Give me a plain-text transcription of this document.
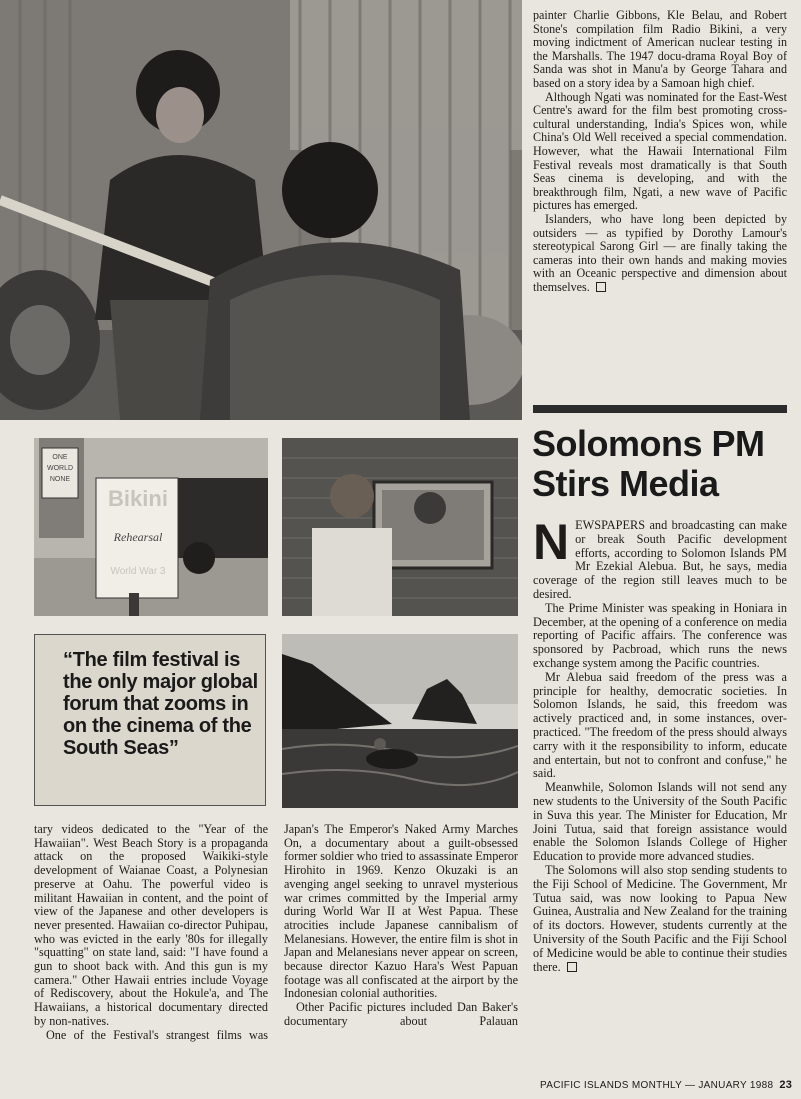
painter Charlie Gibbons, Kle Belau, and Robert Stone's compilation film Radio Bikini, a very moving indictment of American nuclear testing in the Marshalls. The 1947 docu-drama Royal Boy of Sanda was shot in Manu'a by George Tahara and based on a story idea by a Samoan high chief.

Although Ngati was nominated for the East-West Centre's award for the film best promoting cross-cultural understanding, India's Spices won, while China's Old Well received a special commendation. However, what the Hawaii International Film Festival reveals most dramatically is that South Seas cinema is developing, and with the breakthrough film, Ngati, a new wave of Pacific pictures has emerged.

Islanders, who have long been depicted by outsiders — as typified by Dorothy Lamour's stereotypical Sarong Girl — are finally taking the cameras into their own hands and making movies with an Oceanic perspective and dimension about themselves.

Solomons PM Stirs Media

NEWSPAPERS and broadcasting can make or break South Pacific development efforts, according to Solomon Islands PM Mr Ezekial Alebua. But, he says, media coverage of the region still leaves much to be desired.

The Prime Minister was speaking in Honiara in December, at the opening of a conference on media reporting of Pacific affairs. The conference was sponsored by Pacbroad, which runs the news exchange system among the Pacific countries.

Mr Alebua said freedom of the press was a principle for healthy, democratic societies. In Solomon Islands, he said, this freedom was actively practiced and, in some instances, over-practiced. "The freedom of the press should always carry with it the responsibility to inform, educate and entertain, but not to confront and confuse," he said.

Meanwhile, Solomon Islands will not send any new students to the University of the South Pacific in Suva this year. The Minister for Education, Mr Joini Tutua, said that foreign assistance would enable the Solomon Islands College of Higher Education to provide more advanced studies.

The Solomons will also stop sending students to the Fiji School of Medicine. The Government, Mr Tutua said, was now looking to Papua New Guinea, Australia and New Zealand for the training of its doctors. However, students currently at the University of the South Pacific and the Fiji School of Medicine would be able to continue their studies there.

ONE WORLD NONE
Bikini
Rehearsal
World War 3

“The film festival is the only major global forum that zooms in on the cinema of the South Seas”

tary videos dedicated to the "Year of the Hawaiian". West Beach Story is a propaganda attack on the proposed Waikiki-style development of Waianae Coast, a Polynesian preserve at Oahu. The powerful video is militant Hawaiian in content, and the point of view of the Japanese and other developers is never presented. Hawaiian co-director Puhipau, who was evicted in the early '80s for illegally "squatting" on state land, said: "I have found a gun to shoot back with. And this gun is my camera." Other Hawaii entries include Voyage of Rediscovery, about the Hokule'a, and The Hawaiians, a historical documentary directed by non-natives.

One of the Festival's strangest films was

Japan's The Emperor's Naked Army Marches On, a documentary about a guilt-obsessed former soldier who tried to assassinate Emperor Hirohito in 1969. Kenzo Okuzaki is an avenging angel seeking to unravel mysterious war crimes committed by the Imperial army during World War II at West Papua. These atrocities include Japanese cannibalism of Melanesians. However, the entire film is shot in Japan and Melanesians never appear on screen, because director Kazuo Hara's West Papuan footage was all confiscated at the airport by the Indonesian colonial authorities.

Other Pacific pictures included Dan Baker's documentary about Palauan

PACIFIC ISLANDS MONTHLY — JANUARY 1988 23
